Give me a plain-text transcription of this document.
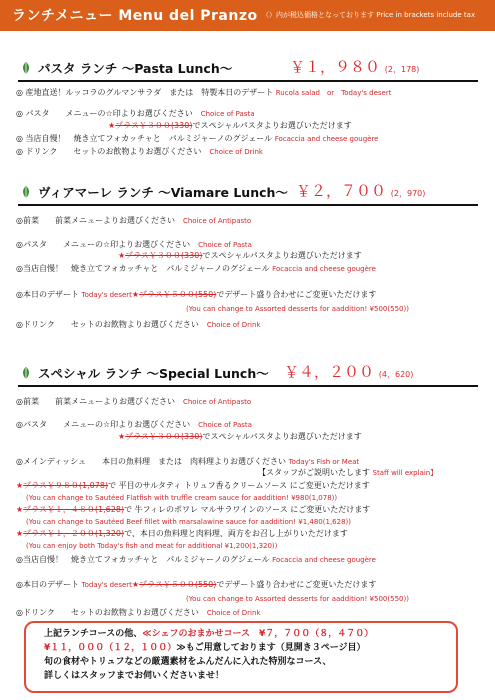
ランチメニュー Menu del Pranzo （）内が税込価格となっております Price in brackets include tax
パスタ ランチ ～Pasta Lunch～	￥１，９８０ (2，178)
◎ 産地直送！ルッコラのグルマンサラダ　または　特製本日のデザート Rucola salad　or　Today's desert
◎ パスタ　　メニューの☆印よりお選びください　 Choice of Pasta
★プラス￥３００(330)でスペシャルパスタよりお選びいただけます
◎ 当店自慢！　焼き立てフォカッチャと　パルミジャーノのグジェール Focaccia and cheese gougère
◎ ドリンク　　セットのお飲物よりお選びください　 Choice of Drink
ヴィアマーレ ランチ ～Viamare Lunch～ ￥２，７００ (2，970)
◎前菜　　前菜メニューよりお選びください　 Choice of Antipasto
◎パスタ　　メニューの☆印よりお選びください　 Choice of Pasta
★プラス￥３００(330)でスペシャルパスタよりお選びいただけます
◎当店自慢！　焼き立てフォカッチャと　パルミジャーノのグジェール Focaccia and cheese gougère
◎本日のデザート Today's desert★プラス￥５００(550)でデザート盛り合わせにご変更いただけます
(You can change to Assorted desserts for aaddition! ¥500(550))
◎ドリンク　　セットのお飲物よりお選びください　 Choice of Drink
スペシャル ランチ ～Special Lunch～ ￥４，２００ (4，620)
◎前菜　　前菜メニューよりお選びください　 Choice of Antipasto
◎パスタ　　メニューの☆印よりお選びください　 Choice of Pasta
★プラス￥３００(330)でスペシャルパスタよりお選びいただけます
◎メインディッシュ　　本日の魚料理　または　肉料理よりお選びください Today's Fish or Meat
【スタッフがご説明いたします Staff will explain】
★プラス￥９８０(1,078)で 平目のサルタティ トリュフ香るクリームソース にご変更いただけます
(You can change to Sautéed Flatfish with truffle cream sauce for aaddition! ¥980(1,078))
★プラス￥１，４８０(1,628)で 牛フィレのポワレ マルサラワインのソース にご変更いただけます
(You can change to Sautéed Beef fillet with marsalawine sauce for aaddition! ¥1,480(1,628))
★プラス￥１，２００(1,320)で、本日の魚料理と肉料理、両方をお召し上がりいただけます
(You can enjoy both Today's fish and meat for additional ¥1,200(1,320))
◎当店自慢！　焼き立てフォカッチャと　パルミジャーノのグジェール Focaccia and cheese gougère
◎本日のデザート Today's desert★プラス￥５００(550)でデザート盛り合わせにご変更いただけます
(You can change to Assorted desserts for aaddition! ¥500(550))
◎ドリンク　　セットのお飲物よりお選びください　 Choice of Drink
上記ランチコースの他、≪シェフのおまかせコース　¥７，７００（８，４７０）
¥１１，０００（１２，１００）≫もご用意しております（見開き３ページ目）
旬の食材やトリュフなどの厳選素材をふんだんに入れた特別なコース、
詳しくはスタッフまでお伺いくださいませ！
